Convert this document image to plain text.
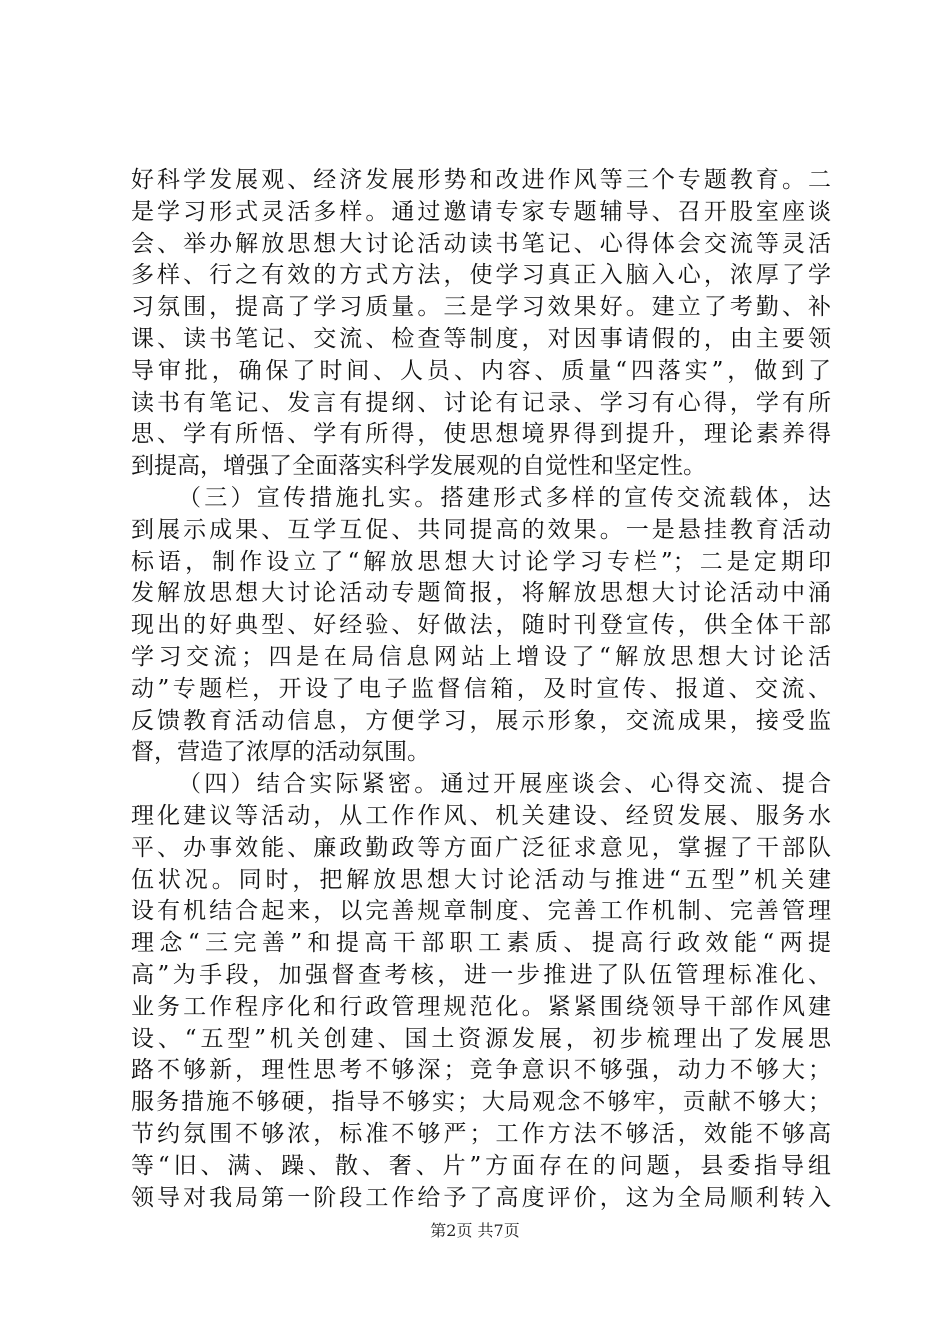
好科学发展观、经济发展形势和改进作风等三个专题教育。二
是学习形式灵活多样。通过邀请专家专题辅导、召开股室座谈
会、举办解放思想大讨论活动读书笔记、心得体会交流等灵活
多样、行之有效的方式方法，使学习真正入脑入心，浓厚了学
习氛围，提高了学习质量。三是学习效果好。建立了考勤、补
课、读书笔记、交流、检查等制度，对因事请假的，由主要领
导审批，确保了时间、人员、内容、质量“四落实”，做到了
读书有笔记、发言有提纲、讨论有记录、学习有心得，学有所
思、学有所悟、学有所得，使思想境界得到提升，理论素养得
到提高，增强了全面落实科学发展观的自觉性和坚定性。
（三）宣传措施扎实。搭建形式多样的宣传交流载体，达
到展示成果、互学互促、共同提高的效果。一是悬挂教育活动
标语，制作设立了“解放思想大讨论学习专栏”；二是定期印
发解放思想大讨论活动专题简报，将解放思想大讨论活动中涌
现出的好典型、好经验、好做法，随时刊登宣传，供全体干部
学习交流；四是在局信息网站上增设了“解放思想大讨论活
动”专题栏，开设了电子监督信箱，及时宣传、报道、交流、
反馈教育活动信息，方便学习，展示形象，交流成果，接受监
督，营造了浓厚的活动氛围。
（四）结合实际紧密。通过开展座谈会、心得交流、提合
理化建议等活动，从工作作风、机关建设、经贸发展、服务水
平、办事效能、廉政勤政等方面广泛征求意见，掌握了干部队
伍状况。同时，把解放思想大讨论活动与推进“五型”机关建
设有机结合起来，以完善规章制度、完善工作机制、完善管理
理念“三完善”和提高干部职工素质、提高行政效能“两提
高”为手段，加强督查考核，进一步推进了队伍管理标准化、
业务工作程序化和行政管理规范化。紧紧围绕领导干部作风建
设、“五型”机关创建、国土资源发展，初步梳理出了发展思
路不够新，理性思考不够深；竞争意识不够强，动力不够大；
服务措施不够硬，指导不够实；大局观念不够牢，贡献不够大；
节约氛围不够浓，标准不够严；工作方法不够活，效能不够高
等“旧、满、躁、散、奢、片”方面存在的问题，县委指导组
领导对我局第一阶段工作给予了高度评价，这为全局顺利转入
第2页 共7页
